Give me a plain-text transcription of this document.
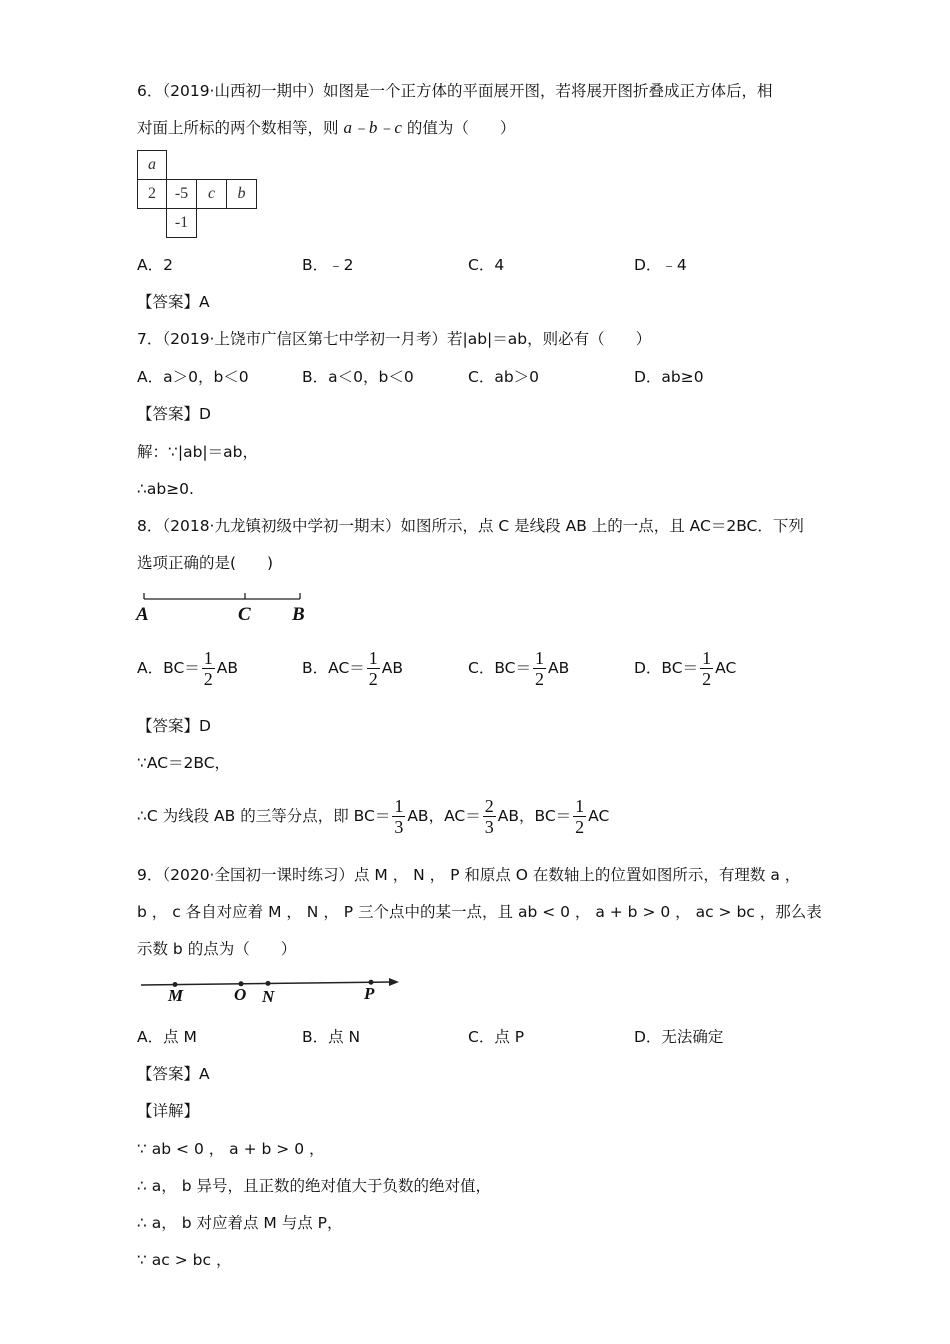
6．（2019·山西初一期中）如图是一个正方体的平面展开图，若将展开图折叠成正方体后，相
对面上所标的两个数相等，则 a﹣b﹣c 的值为（　　）
a
2 -5 c b
-1
A．2	B．﹣2	C．4	D．﹣4
【答案】A
7．（2019·上饶市广信区第七中学初一月考）若|ab|＝ab，则必有（　　）
A．a＞0，b＜0	B．a＜0，b＜0	C．ab＞0	D．ab≥0
【答案】D
解：∵|ab|＝ab，
∴ab≥0.
8．（2018·九龙镇初级中学初一期末）如图所示，点 C 是线段 AB 上的一点，且 AC＝2BC．下列
选项正确的是(　　)
A	C B
A．$BC= \frac{1}{2}$ AB	B．$AC= \frac{1}{2}$ AB	C．$BC= \frac{1}{2}$ AB	D．$BC= \frac{1}{2}$ AC
【答案】D
∵AC＝2BC，
∴C 为线段 AB 的三等分点，即 $BC= \frac{1}{3}$ AB，$AC= \frac{2}{3}$ AB，$BC= \frac{1}{2}$ AC
9．（2020·全国初一课时练习）点 M ， N ， P 和原点 O 在数轴上的位置如图所示，有理数 a ，
b ， c 各自对应着 M ， N ， P 三个点中的某一点，且 ab < 0 ， a + b > 0 ， ac > bc ，那么表
示数 b 的点为（　　）
M	O N	P
A．点 M	B．点 N	C．点 P	D．无法确定
【答案】A
【详解】
∵ ab < 0 ， a + b > 0 ，
∴ a， b 异号，且正数的绝对值大于负数的绝对值，
∴ a， b 对应着点 M 与点 P，
∵ ac > bc ，
